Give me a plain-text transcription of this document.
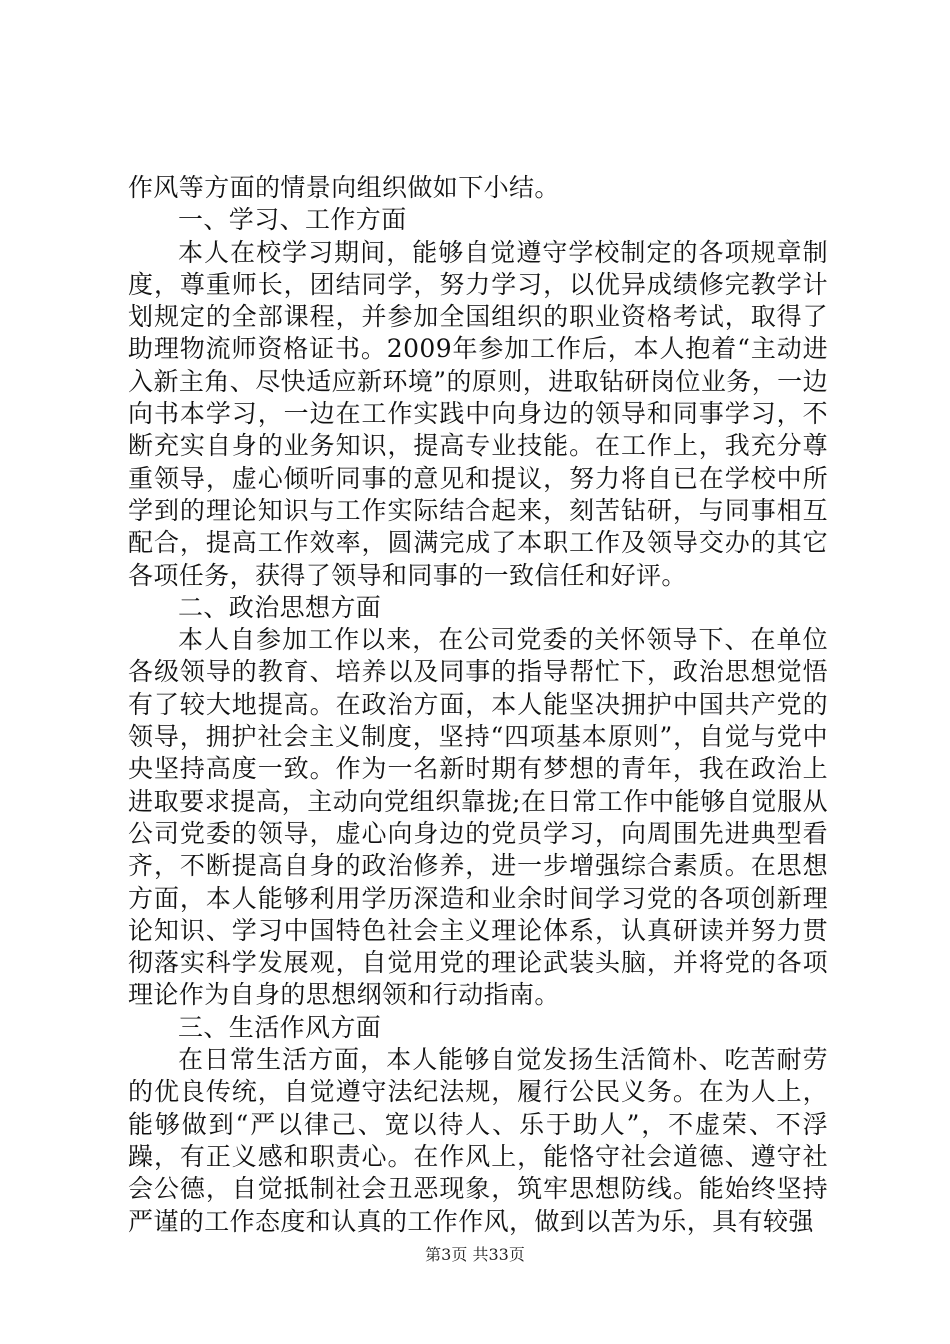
作风等方面的情景向组织做如下小结。

一、学习、工作方面

本人在校学习期间，能够自觉遵守学校制定的各项规章制度，尊重师长，团结同学，努力学习，以优异成绩修完教学计划规定的全部课程，并参加全国组织的职业资格考试，取得了助理物流师资格证书。2009年参加工作后，本人抱着“主动进入新主角、尽快适应新环境”的原则，进取钻研岗位业务，一边向书本学习，一边在工作实践中向身边的领导和同事学习，不断充实自身的业务知识，提高专业技能。在工作上，我充分尊重领导，虚心倾听同事的意见和提议，努力将自已在学校中所学到的理论知识与工作实际结合起来，刻苦钻研，与同事相互配合，提高工作效率，圆满完成了本职工作及领导交办的其它各项任务，获得了领导和同事的一致信任和好评。

二、政治思想方面

本人自参加工作以来，在公司党委的关怀领导下、在单位各级领导的教育、培养以及同事的指导帮忙下，政治思想觉悟有了较大地提高。在政治方面，本人能坚决拥护中国共产党的领导，拥护社会主义制度，坚持“四项基本原则”，自觉与党中央坚持高度一致。作为一名新时期有梦想的青年，我在政治上进取要求提高，主动向党组织靠拢;在日常工作中能够自觉服从公司党委的领导，虚心向身边的党员学习，向周围先进典型看齐，不断提高自身的政治修养，进一步增强综合素质。在思想方面，本人能够利用学历深造和业余时间学习党的各项创新理论知识、学习中国特色社会主义理论体系，认真研读并努力贯彻落实科学发展观，自觉用党的理论武装头脑，并将党的各项理论作为自身的思想纲领和行动指南。

三、生活作风方面

在日常生活方面，本人能够自觉发扬生活简朴、吃苦耐劳的优良传统，自觉遵守法纪法规，履行公民义务。在为人上，能够做到“严以律己、宽以待人、乐于助人”，不虚荣、不浮躁，有正义感和职责心。在作风上，能恪守社会道德、遵守社会公德，自觉抵制社会丑恶现象，筑牢思想防线。能始终坚持严谨的工作态度和认真的工作作风，做到以苦为乐，具有较强

第3页 共33页
